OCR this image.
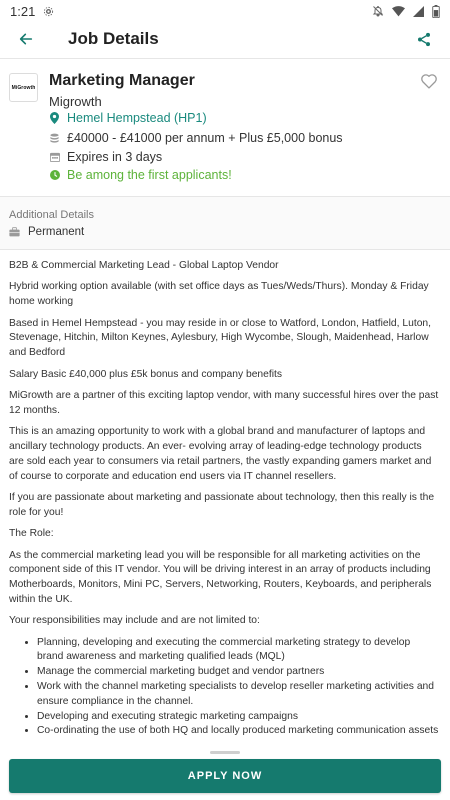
1:21
Job Details
MiGrowth Marketing Manager
Migrowth
Hemel Hempstead (HP1)
£40000 - £41000 per annum + Plus £5,000 bonus
Expires in 3 days
Be among the first applicants!
Additional Details
Permanent

B2B & Commercial Marketing Lead - Global Laptop Vendor

Hybrid working option available (with set office days as Tues/Weds/Thurs). Monday & Friday home working

Based in Hemel Hempstead - you may reside in or close to Watford, London, Hatfield, Luton, Stevenage, Hitchin, Milton Keynes, Aylesbury, High Wycombe, Slough, Maidenhead, Harlow and Bedford

Salary Basic £40,000 plus £5k bonus and company benefits

MiGrowth are a partner of this exciting laptop vendor, with many successful hires over the past 12 months.

This is an amazing opportunity to work with a global brand and manufacturer of laptops and ancillary technology products. An ever- evolving array of leading-edge technology products are sold each year to consumers via retail partners, the vastly expanding gamers market and of course to corporate and education end users via IT channel resellers.

If you are passionate about marketing and passionate about technology, then this really is the role for you!

The Role:

As the commercial marketing lead you will be responsible for all marketing activities on the component side of this IT vendor. You will be driving interest in an array of products including Motherboards, Monitors, Mini PC, Servers, Networking, Routers, Keyboards, and peripherals within the UK.

Your responsibilities may include and are not limited to:

• Planning, developing and executing the commercial marketing strategy to develop brand awareness and marketing qualified leads (MQL)
• Manage the commercial marketing budget and vendor partners
• Work with the channel marketing specialists to develop reseller marketing activities and ensure compliance in the channel.
• Developing and executing strategic marketing campaigns
• Co-ordinating the use of both HQ and locally produced marketing communication assets
APPLY NOW
